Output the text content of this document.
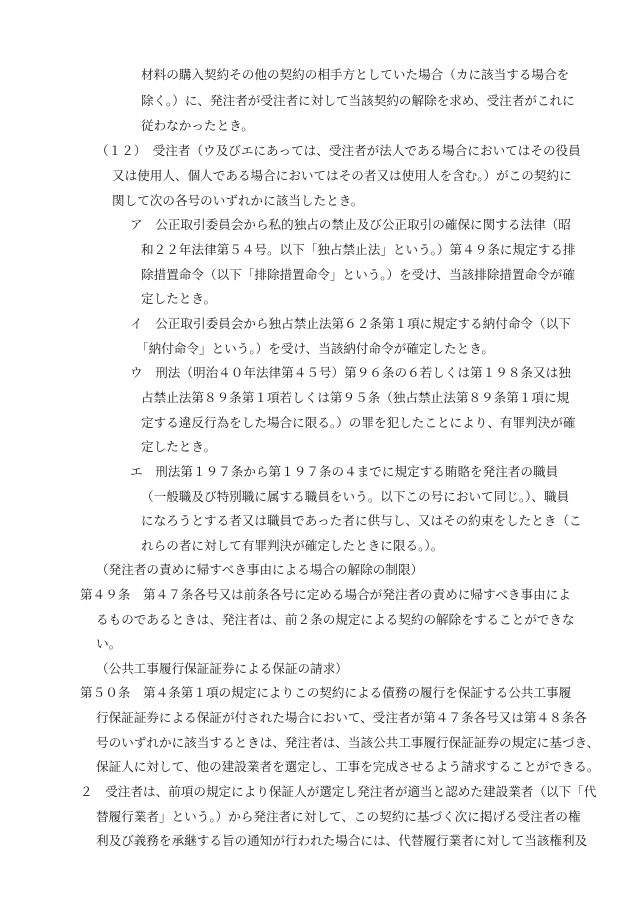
材料の購入契約その他の契約の相手方としていた場合（カに該当する場合を
除く。）に、発注者が受注者に対して当該契約の解除を求め、受注者がこれに
従わなかったとき。
（１２）　受注者（ウ及びエにあっては、受注者が法人である場合においてはその役員
又は使用人、個人である場合においてはその者又は使用人を含む。）がこの契約に
関して次の各号のいずれかに該当したとき。
ア　公正取引委員会から私的独占の禁止及び公正取引の確保に関する法律（昭
和２２年法律第５４号。以下「独占禁止法」という。）第４９条に規定する排
除措置命令（以下「排除措置命令」という。）を受け、当該排除措置命令が確
定したとき。
イ　公正取引委員会から独占禁止法第６２条第１項に規定する納付命令（以下
「納付命令」という。）を受け、当該納付命令が確定したとき。
ウ　刑法（明治４０年法律第４５号）第９６条の６若しくは第１９８条又は独
占禁止法第８９条第１項若しくは第９５条（独占禁止法第８９条第１項に規
定する違反行為をした場合に限る。）の罪を犯したことにより、有罪判決が確
定したとき。
エ　刑法第１９７条から第１９７条の４までに規定する賄賂を発注者の職員
（一般職及び特別職に属する職員をいう。以下この号において同じ。）、職員
になろうとする者又は職員であった者に供与し、又はその約束をしたとき（こ
れらの者に対して有罪判決が確定したときに限る。）。
（発注者の責めに帰すべき事由による場合の解除の制限）
第４９条　第４７条各号又は前条各号に定める場合が発注者の責めに帰すべき事由によ
るものであるときは、発注者は、前２条の規定による契約の解除をすることができな
い。
（公共工事履行保証証券による保証の請求）
第５０条　第４条第１項の規定によりこの契約による債務の履行を保証する公共工事履
行保証証券による保証が付された場合において、受注者が第４７条各号又は第４８条各
号のいずれかに該当するときは、発注者は、当該公共工事履行保証証券の規定に基づき、
保証人に対して、他の建設業者を選定し、工事を完成させるよう請求することができる。
２　受注者は、前項の規定により保証人が選定し発注者が適当と認めた建設業者（以下「代
替履行業者」という。）から発注者に対して、この契約に基づく次に掲げる受注者の権
利及び義務を承継する旨の通知が行われた場合には、代替履行業者に対して当該権利及
